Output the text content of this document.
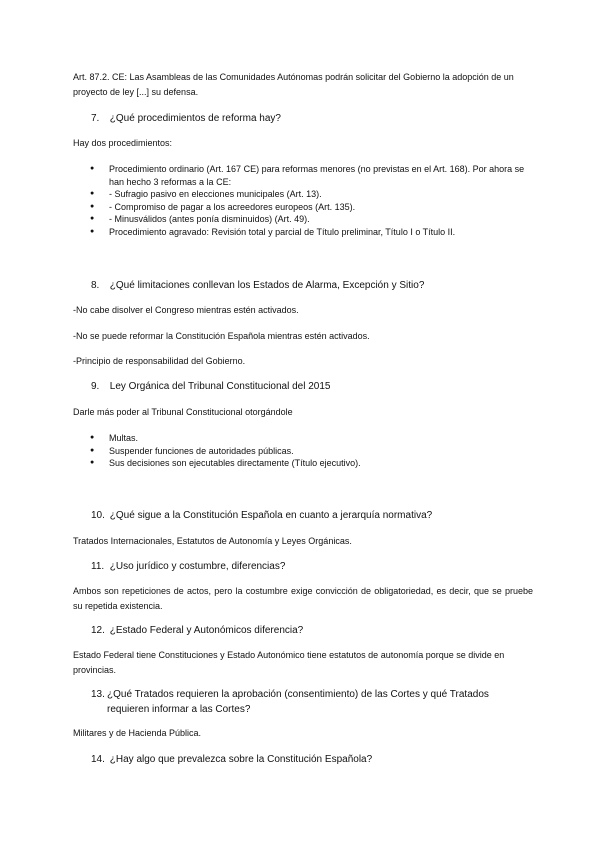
Art. 87.2. CE: Las Asambleas de las Comunidades Autónomas podrán solicitar del Gobierno la adopción de un proyecto de ley [...] su defensa.

7. ¿Qué procedimientos de reforma hay?

Hay dos procedimientos:

● Procedimiento ordinario (Art. 167 CE) para reformas menores (no previstas en el Art. 168). Por ahora se han hecho 3 reformas a la CE:
● - Sufragio pasivo en elecciones municipales (Art. 13).
● - Compromiso de pagar a los acreedores europeos (Art. 135).
● - Minusválidos (antes ponía disminuidos) (Art. 49).
● Procedimiento agravado: Revisión total y parcial de Título preliminar, Título I o Título II.
8. ¿Qué limitaciones conllevan los Estados de Alarma, Excepción y Sitio?

-No cabe disolver el Congreso mientras estén activados.

-No se puede reformar la Constitución Española mientras estén activados.

-Principio de responsabilidad del Gobierno.

9. Ley Orgánica del Tribunal Constitucional del 2015

Darle más poder al Tribunal Constitucional otorgándole

● Multas.
● Suspender funciones de autoridades públicas.
● Sus decisiones son ejecutables directamente (Título ejecutivo).
10. ¿Qué sigue a la Constitución Española en cuanto a jerarquía normativa?

Tratados Internacionales, Estatutos de Autonomía y Leyes Orgánicas.

11. ¿Uso jurídico y costumbre, diferencias?

Ambos son repeticiones de actos, pero la costumbre exige convicción de obligatoriedad, es decir, que se pruebe su repetida existencia.

12. ¿Estado Federal y Autonómicos diferencia?

Estado Federal tiene Constituciones y Estado Autonómico tiene estatutos de autonomía porque se divide en provincias.

13. ¿Qué Tratados requieren la aprobación (consentimiento) de las Cortes y qué Tratados
requieren informar a las Cortes?

Militares y de Hacienda Pública.

14. ¿Hay algo que prevalezca sobre la Constitución Española?
